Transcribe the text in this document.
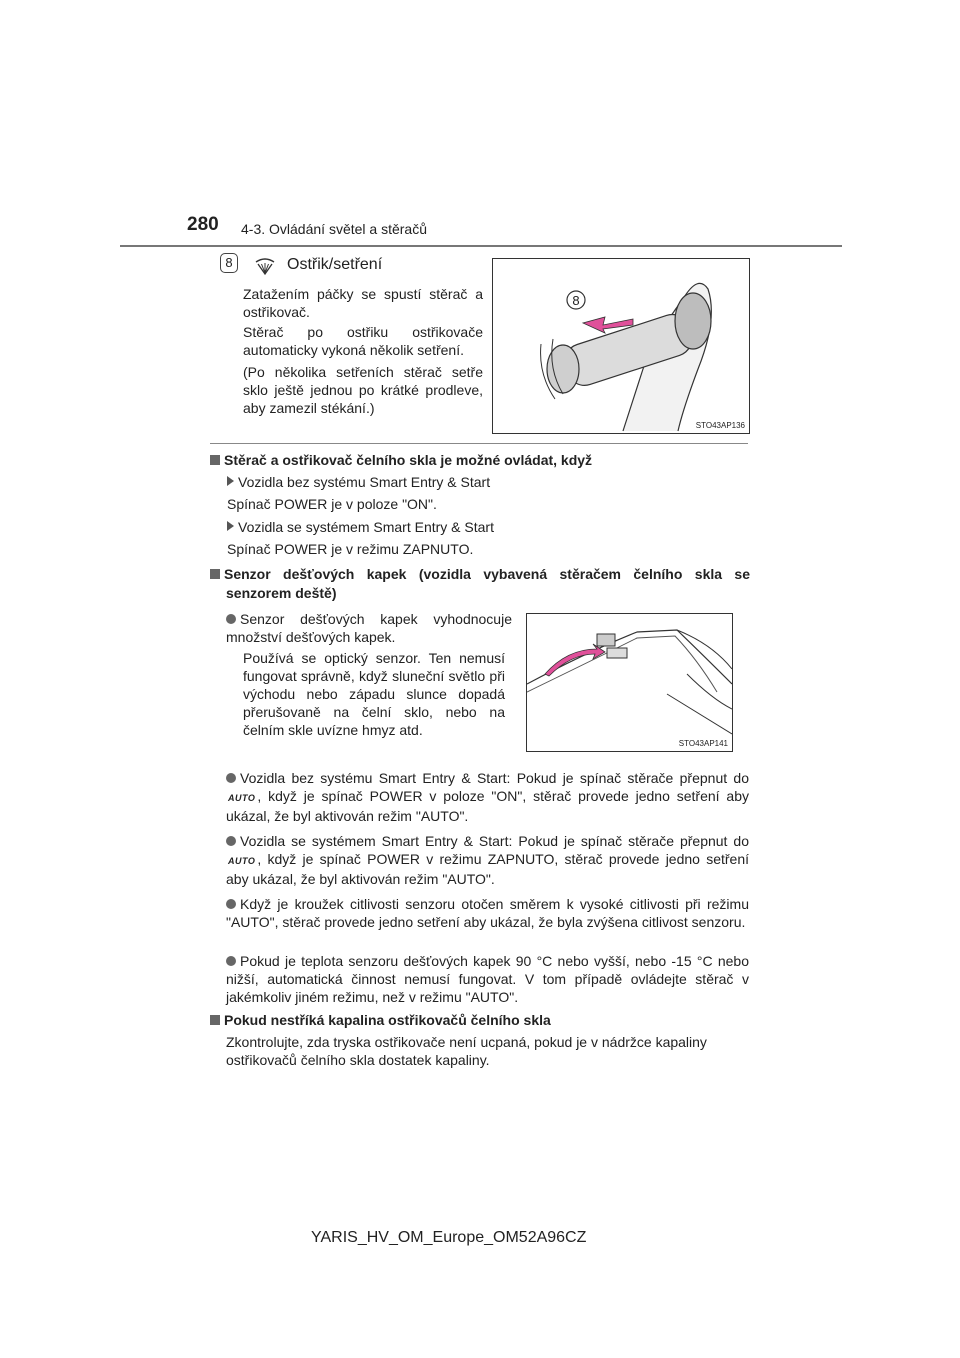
280 4-3. Ovládání světel a stěračů
8	Ostřik/setření
Zatažením páčky se spustí stěrač a ostřikovač.
Stěrač po ostřiku ostřikovače automaticky vykoná několik setření.
(Po několika setřeních stěrač setře sklo ještě jednou po krátké prodleve, aby zamezil stékání.)
8
STO43AP136
Stěrač a ostřikovač čelního skla je možné ovládat, když
Vozidla bez systému Smart Entry & Start
Spínač POWER je v poloze "ON".
Vozidla se systémem Smart Entry & Start
Spínač POWER je v režimu ZAPNUTO.
Senzor dešťových kapek (vozidla vybavená stěračem čelního skla se
senzorem deště)
Senzor dešťových kapek vyhodnocuje množství dešťových kapek.
Používá se optický senzor. Ten nemusí fungovat správně, když sluneční světlo při východu nebo západu slunce dopadá přerušovaně na čelní sklo, nebo na čelním skle uvízne hmyz atd.
STO43AP141
Vozidla bez systému Smart Entry & Start: Pokud je spínač stěrače přepnut do AUTO , když je spínač POWER v poloze "ON", stěrač provede jedno setření aby ukázal, že byl aktivován režim "AUTO".
Vozidla se systémem Smart Entry & Start: Pokud je spínač stěrače přepnut do AUTO , když je spínač POWER v režimu ZAPNUTO, stěrač provede jedno setření aby ukázal, že byl aktivován režim "AUTO".
Když je kroužek citlivosti senzoru otočen směrem k vysoké citlivosti při režimu "AUTO", stěrač provede jedno setření aby ukázal, že byla zvýšena citlivost senzoru.
Pokud je teplota senzoru dešťových kapek 90 °C nebo vyšší, nebo -15 °C nebo nižší, automatická činnost nemusí fungovat. V tom případě ovládejte stěrač v jakémkoliv jiném režimu, než v režimu "AUTO".
Pokud nestříká kapalina ostřikovačů čelního skla
Zkontrolujte, zda tryska ostřikovače není ucpaná, pokud je v nádržce kapaliny ostřikovačů čelního skla dostatek kapaliny.
YARIS_HV_OM_Europe_OM52A96CZ
